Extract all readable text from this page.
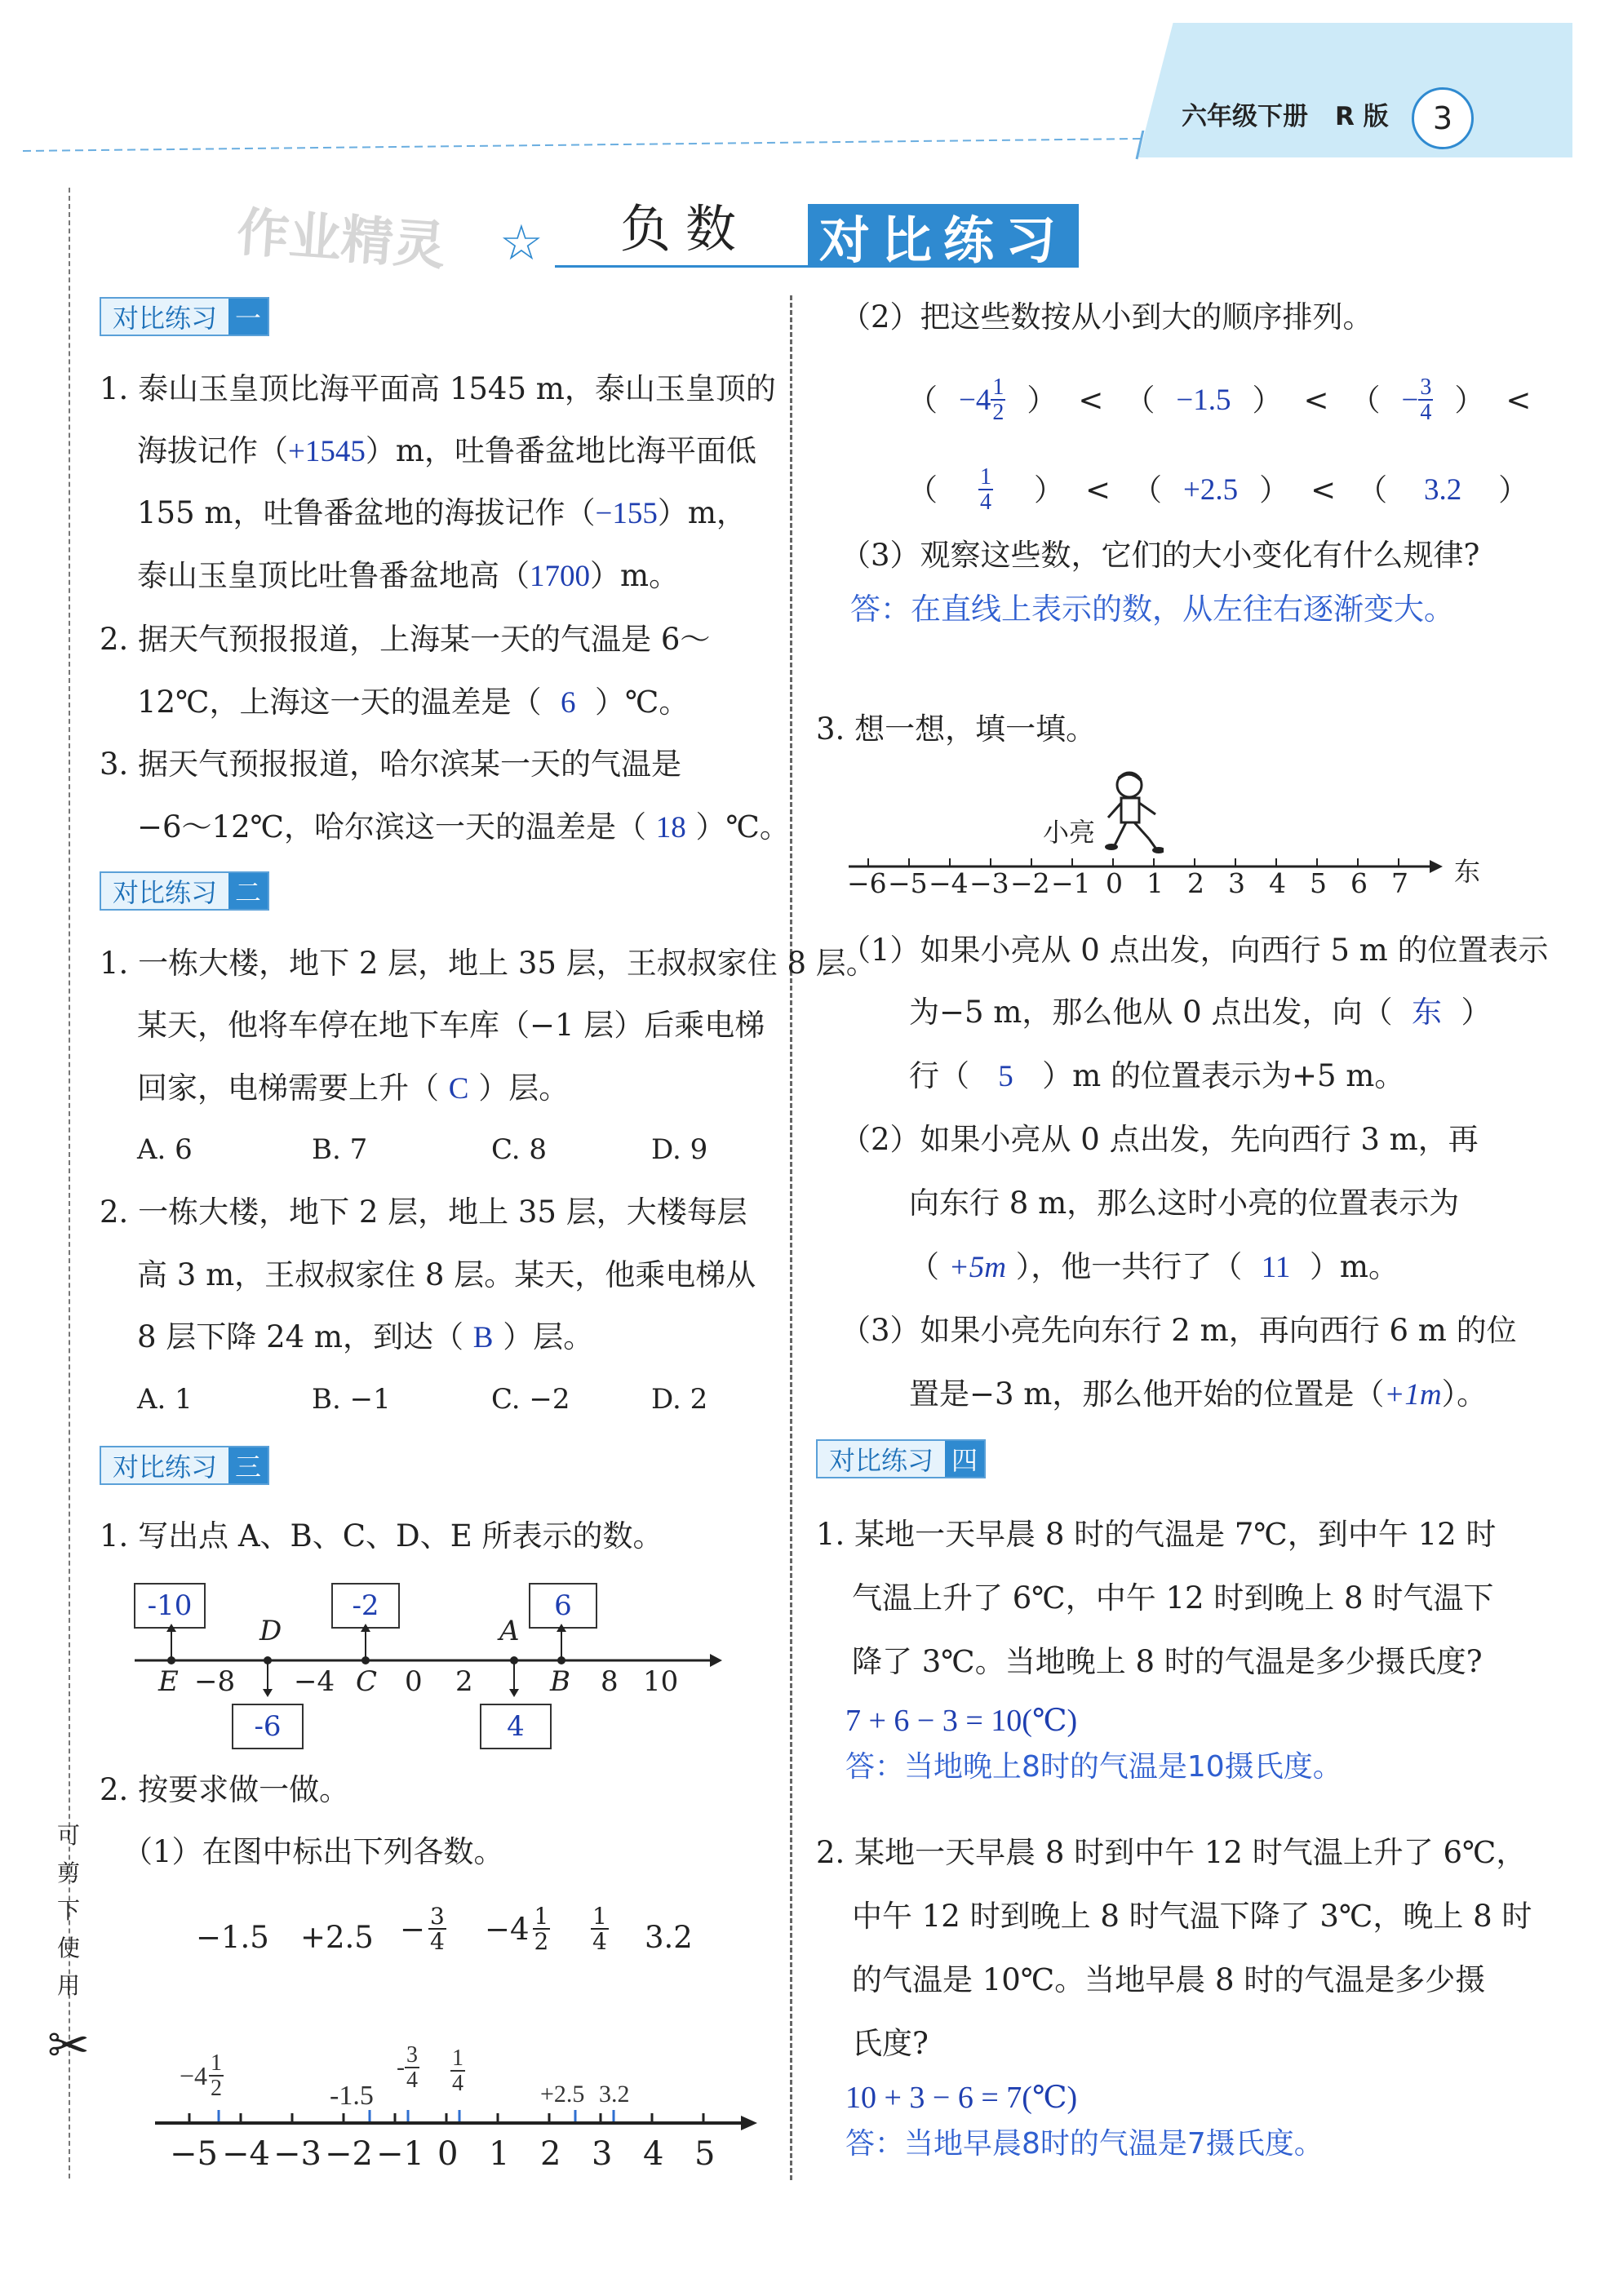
六年级下册 R 版	3
作业精灵 ☆ 负数 对比练习
可
剪
下
使
用
✂
对比练习 一
1. 泰山玉皇顶比海平面高 1545 m，泰山玉皇顶的
海拔记作（+1545）m，吐鲁番盆地比海平面低
155 m，吐鲁番盆地的海拔记作（−155）m，
泰山玉皇顶比吐鲁番盆地高（1700）m。
2. 据天气预报报道，上海某一天的气温是 6～
12℃，上海这一天的温差是（ 6 ）℃。
3. 据天气预报报道，哈尔滨某一天的气温是
−6～12℃，哈尔滨这一天的温差是（ 18 ）℃。
对比练习 二
1. 一栋大楼，地下 2 层，地上 35 层，王叔叔家住 8 层。
某天，他将车停在地下车库（−1 层）后乘电梯
回家，电梯需要上升（ C ）层。
A. 6	B. 7	C. 8	D. 9
2. 一栋大楼，地下 2 层，地上 35 层，大楼每层
高 3 m，王叔叔家住 8 层。某天，他乘电梯从
8 层下降 24 m，到达（ B ）层。
A. 1	B. −1	C. −2	D. 2
对比练习 三
1. 写出点 A、B、C、D、E 所表示的数。
-10	-2	6
-6	4
D	A
E −8 −4 C 0 2	B 8 10
2. 按要求做一做。
（1）在图中标出下列各数。
$-1.5 +2.5 - \frac{3}{4} -4 \frac{1}{2} \frac{1}{4} 3.2$
$-4 \frac{1}{2}$	-1.5
- $\frac{3}{4} \frac{1}{4}$	+2.5 3.2
−5 −4 −3 −2 −1 0 1 2 3 4 5
（2）把这些数按从小到大的顺序排列。
（ $-4 \frac{1}{2}$ ） < （ −1.5 ） < （ − $\frac{3}{4}$ ） <
（ $\frac{1}{4}$ ） < （ +2.5 ） < （	3.2	）
（3）观察这些数，它们的大小变化有什么规律?
答：在直线上表示的数，从左往右逐渐变大。
3. 想一想，填一填。
小亮
−6 −5 −4 −3 −2 −1 0 1 2 3 4 5 6 7 东
（1）如果小亮从 0 点出发，向西行 5 m 的位置表示
为−5 m，那么他从 0 点出发，向（ 东 ）
行（ 5 ）m 的位置表示为+5 m。
（2）如果小亮从 0 点出发，先向西行 3 m，再
向东行 8 m，那么这时小亮的位置表示为
（ +5m ），他一共行了（ 11 ）m。
（3）如果小亮先向东行 2 m，再向西行 6 m 的位
置是−3 m，那么他开始的位置是（+1m）。
对比练习 四
1. 某地一天早晨 8 时的气温是 7℃，到中午 12 时
气温上升了 6℃，中午 12 时到晚上 8 时气温下
降了 3℃。当地晚上 8 时的气温是多少摄氏度?
7 + 6 − 3 = 10(℃)
答：当地晚上8时的气温是10摄氏度。
2. 某地一天早晨 8 时到中午 12 时气温上升了 6℃，
中午 12 时到晚上 8 时气温下降了 3℃，晚上 8 时
的气温是 10℃。当地早晨 8 时的气温是多少摄
氏度?
10 + 3 − 6 = 7(℃)
答：当地早晨8时的气温是7摄氏度。
